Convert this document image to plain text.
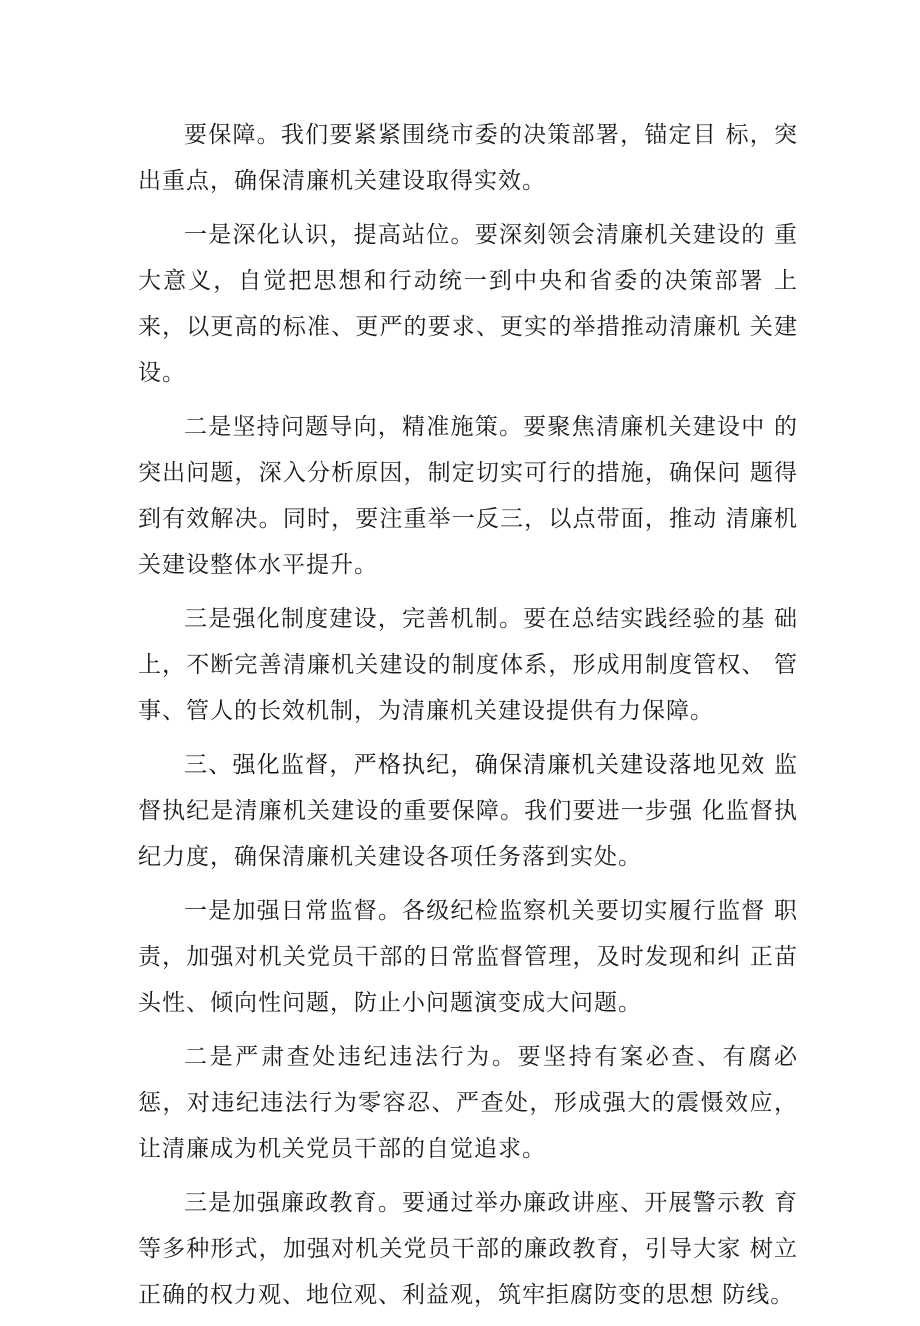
要保障。我们要紧紧围绕市委的决策部署，锚定目 标，突出重点，确保清廉机关建设取得实效。

一是深化认识，提高站位。要深刻领会清廉机关建设的 重大意义，自觉把思想和行动统一到中央和省委的决策部署 上来，以更高的标准、更严的要求、更实的举措推动清廉机 关建设。

二是坚持问题导向，精准施策。要聚焦清廉机关建设中 的突出问题，深入分析原因，制定切实可行的措施，确保问 题得到有效解决。同时，要注重举一反三，以点带面，推动 清廉机关建设整体水平提升。

三是强化制度建设，完善机制。要在总结实践经验的基 础上，不断完善清廉机关建设的制度体系，形成用制度管权、 管事、管人的长效机制，为清廉机关建设提供有力保障。

三、强化监督，严格执纪，确保清廉机关建设落地见效 监督执纪是清廉机关建设的重要保障。我们要进一步强 化监督执纪力度，确保清廉机关建设各项任务落到实处。

一是加强日常监督。各级纪检监察机关要切实履行监督 职责，加强对机关党员干部的日常监督管理，及时发现和纠 正苗头性、倾向性问题，防止小问题演变成大问题。

二是严肃查处违纪违法行为。要坚持有案必查、有腐必 惩，对违纪违法行为零容忍、严查处，形成强大的震慑效应， 让清廉成为机关党员干部的自觉追求。

三是加强廉政教育。要通过举办廉政讲座、开展警示教 育等多种形式，加强对机关党员干部的廉政教育，引导大家 树立正确的权力观、地位观、利益观，筑牢拒腐防变的思想 防线。
